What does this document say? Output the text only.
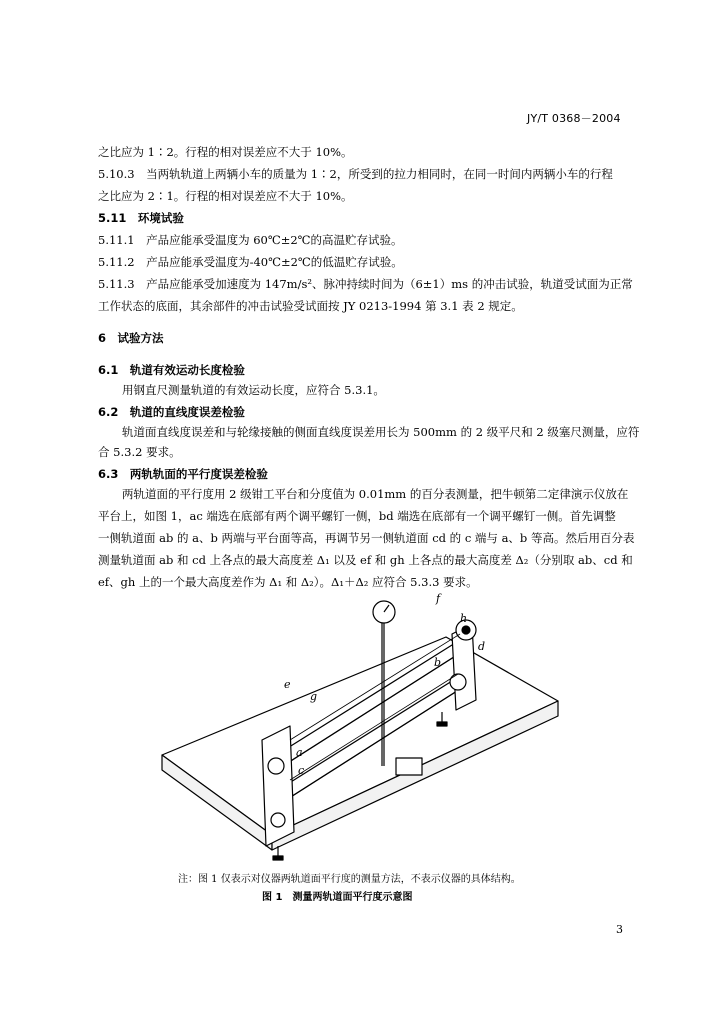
JY/T 0368－2004
之比应为 1∶2。行程的相对误差应不大于 10%。
5.10.3　当两轨轨道上两辆小车的质量为 1∶2，所受到的拉力相同时，在同一时间内两辆小车的行程
之比应为 2∶1。行程的相对误差应不大于 10%。
5.11　环境试验
5.11.1　产品应能承受温度为 60℃±2℃的高温贮存试验。
5.11.2　产品应能承受温度为-40℃±2℃的低温贮存试验。
5.11.3　产品应能承受加速度为 147m/s²、脉冲持续时间为（6±1）ms 的冲击试验，轨道受试面为正常
工作状态的底面，其余部件的冲击试验受试面按 JY 0213-1994 第 3.1 表 2 规定。
6　试验方法
6.1　轨道有效运动长度检验
用钢直尺测量轨道的有效运动长度，应符合 5.3.1。
6.2　轨道的直线度误差检验
轨道面直线度误差和与轮缘接触的侧面直线度误差用长为 500mm 的 2 级平尺和 2 级塞尺测量，应符
合 5.3.2 要求。
6.3　两轨轨面的平行度误差检验
两轨道面的平行度用 2 级钳工平台和分度值为 0.01mm 的百分表测量，把牛顿第二定律演示仪放在
平台上，如图 1，ac 端选在底部有两个调平螺钉一侧，bd 端选在底部有一个调平螺钉一侧。首先调整
一侧轨道面 ab 的 a、b 两端与平台面等高，再调节另一侧轨道面 cd 的 c 端与 a、b 等高。然后用百分表
测量轨道面 ab 和 cd 上各点的最大高度差 Δ₁ 以及 ef 和 gh 上各点的最大高度差 Δ₂（分别取 ab、cd 和
ef、gh 上的一个最大高度差作为 Δ₁ 和 Δ₂）。Δ₁＋Δ₂ 应符合 5.3.3 要求。
a
b
c
d
e
f
g
h
注：图 1 仅表示对仪器两轨道面平行度的测量方法，不表示仪器的具体结构。
图 1　测量两轨道面平行度示意图
3
